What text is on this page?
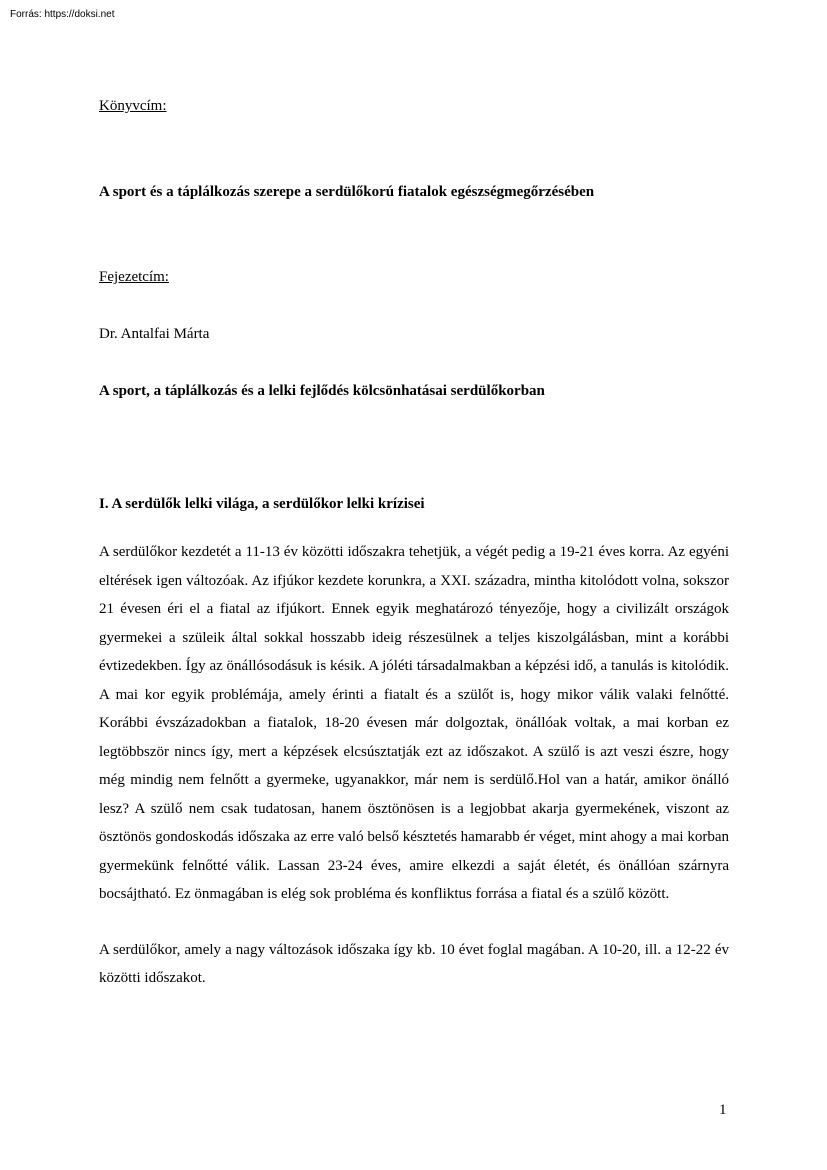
Forrás: https://doksi.net

Könyvcím:

A sport és a táplálkozás szerepe a serdülőkorú fiatalok egészségmegőrzésében

Fejezetcím:

Dr. Antalfai Márta

A sport, a táplálkozás és a lelki fejlődés kölcsönhatásai serdülőkorban

I. A serdülők lelki világa, a serdülőkor lelki krízisei

A serdülőkor kezdetét a 11-13 év közötti időszakra tehetjük, a végét pedig a 19-21 éves korra. Az egyéni eltérések igen változóak. Az ifjúkor kezdete korunkra, a XXI. századra, mintha kitolódott volna, sokszor 21 évesen éri el a fiatal az ifjúkort. Ennek egyik meghatározó tényezője, hogy a civilizált országok gyermekei a szüleik által sokkal hosszabb ideig részesülnek a teljes kiszolgálásban, mint a korábbi évtizedekben. Így az önállósodásuk is késik. A jóléti társadalmakban a képzési idő, a tanulás is kitolódik. A mai kor egyik problémája, amely érinti a fiatalt és a szülőt is, hogy mikor válik valaki felnőtté. Korábbi évszázadokban a fiatalok, 18-20 évesen már dolgoztak, önállóak voltak, a mai korban ez legtöbbször nincs így, mert a képzések elcsúsztatják ezt az időszakot. A szülő is azt veszi észre, hogy még mindig nem felnőtt a gyermeke, ugyanakkor, már nem is serdülő.Hol van a határ, amikor önálló lesz? A szülő nem csak tudatosan, hanem ösztönösen is a legjobbat akarja gyermekének, viszont az ösztönös gondoskodás időszaka az erre való belső késztetés hamarabb ér véget, mint ahogy a mai korban gyermekünk felnőtté válik. Lassan 23-24 éves, amire elkezdi a saját életét, és önállóan szárnyra bocsájtható. Ez önmagában is elég sok probléma és konfliktus forrása a fiatal és a szülő között.

A serdülőkor, amely a nagy változások időszaka így kb. 10 évet foglal magában. A 10-20, ill. a 12-22 év közötti időszakot.

1
